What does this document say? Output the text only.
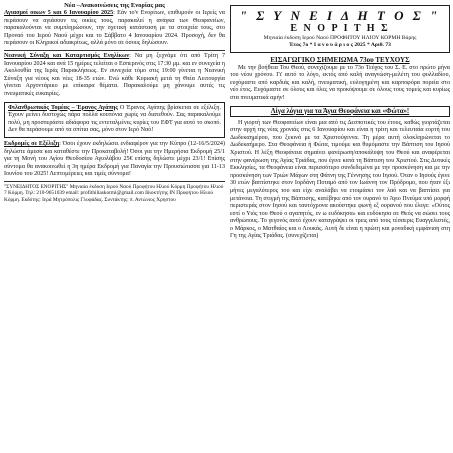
Νέα –Ανακοινώσεις της Ενορίας μας

Αγιασμοί οικων 5 και 6 Ιανουαρίου 2025: Εάν το'ν Ενορίτων, επιθυμούν οι Ιερείς να περάσουν να αγιάσουν τις οικίες τους, παρακαλεί η ανάγκα των Θεοφανείων, παρακαλούνται να συμπληρώσουν, την σχετική κατάσταση με τα στοιχεία τους, στο Προναό του Ιερού Ναού μέχρι και το Σάββατο 4 Ιανουαρίου 2024. Προσοχή, δεν θα περάσουν οι Κληρικοί αδιακρίτως, αλλά μόνο σε όσους δηλώσουν.

Νεανική Σύναξη και Καταρτισμός Ενηλίκων: Να μη ξεχνάμε ότι από Τρίτη 7 Ιανουαρίου 2024 και ανά 15 ημέρες τελείται ο Εσπερινός στις 17:30 μμ. και εν συνεχεία η Ακολουθία της Ιεράς Παρακλήσεως. Εν συνεχεία τόμο στις 19:00 γίνεται η Νεανική Σύναξη για νέους και νέες 18-35 ετών. Ενώ κάθε Κυριακή μετά τη Θεία Λειτουργία γίνεται Αρχοντάρικο με επίκαιρα θέματα. Παρακαλούμε μη χάνουμε αυτές τις πνευματικές ευκαιρίες.

Φιλανθρωπικός Τομέας – Έρανος Αγάπης Ο Έρανος Αγάπης βρίσκεται σε εξέλιξη. Έχουν μείνει δυστυχώς πάρα πολλά κουπόνια χωρίς να διατεθούν. Σας παρακαλούμε πολύ, μη προσπεράστε αδιάφορα τις εντεταλμένες κυρίες του ΕΦΤ για αυτό το σκοπό. Δεν θα περάσουμε από τα σπίτια σας, μόνο στον Ιερό Ναό!

Εκδρομές σε Εξέλιξη: Όσοι έχουν εκδηλώσει ενδιαφέρον για την Κύπρο (12-16/5/2024) δηλώστε άμεσα και καταθέστε την Προκαταβολή! Όσοι για την Ημερήσια Εκδρομή 25/1 για τη Μονή του Αγίου Θεοδοσίου Αγιολάβου 25€ επίσης δηλώστε μέχρι 23/1! Επίσης σύντομα θα ανακοινωθεί η 3η ημέρα Εκδρομή για Παναγία την Προυσιώτισσα για 11-13 Ιουνίου του 2025! Λεπτομέρειες και τιμές σύντομα!

"ΣΥΝΕΙΔΗΤΟΣ ΕΝΟΡΙΤΗΣ" Μηνιαία έκδοση Ιερού Ναού Προφήτου Ηλιού Κόρμη Προφήτου Ηλιού 7 Κόρμη. Τηλ: 210-9651039 email: profithiliaskormi@gmail.com Ιδιοκτήτης ΙΝ Προφήτου Ηλιού Κόρμη. Εκδότης: Ιερά Μητρόπολις Γλυφάδας. Συντάκτης: π. Αντώνιος Χρηστου

" Σ Υ Ν Ε Ι Δ Η Τ Ο Σ "

Ε Ν Ο Ρ Ι Τ Η Σ

Μηνιαία έκδοση Ιερού Ναού ΠΡΟΦΗΤΟΥ ΗΛΙΟΥ ΚΟΡΜΗ Βάρης

Έτος 7ο * Ι α ν ο υ ά ρ ι ο ς 2025 * Αριθ. 73

ΕΙΣΑΓΩΓΙΚΟ ΣΗΜΕΙΩΜΑ 73ου ΤΕΥΧΟΥΣ

Με την βοήθεια Του Θεού, συνεχίζουμε με το 73ο Τεύχος του Σ. Ε. στο πρώτο μήνα του νέου χρόνου. Γι' αυτό το λόγο, εκτός από καλή αναγνώση-μελέτη του φυλλαδίου, ευχόμαστε από καρδιάς και καλή, πνευματική, ευλογημένη και καρποφόρα πορεία στο νέο έτος. Ευχόμαστε σε όλους και όλες να προκόψουμε σε όλους τους τομείς και κυρίως στα πνευματικά αμήν!

Λίγα λόγια για τα Άγια Θεοφάνεια και «Φώτα»!

Η γιορτή των Θεοφανείων είναι μια από τις Δεσποτικές του έτους, καθώς γιορτάζεται στην αρχή της νέας χρονιάς στις 6 Ιανουαρίου και είναι η τρίτη και τελευταία εορτή του Δωδεκαημέρου, που ξεκινά με τα Χριστούγεννα. Τη μέρα αυτή ολοκληρώνεται το Δωδεκαήμερο. Στα Θεοφάνεια ή Φώτα, τιμούμε και θυμόμαστε την Βάπτιση του Ιησού Χριστού. Η λέξη Θεοφάνεια σημαίνει φανέρωση/αποκάλυψη του Θεού και αναφέρεται στην φανέρωση της Αγίας Τριάδας, που έγινε κατά τη Βάπτιση του Χριστού. Στις Δυτικές Εκκλησίες, τα Θεοφάνεια είναι περισσότερο συνδεδεμένα με την προσκύνηση και με την προσκύνηση των Τριών Μάγων στη Φάτνη της Γέννησης του Ιησού. Όταν ο Ιησούς έγινε 30 ετών βαπτίστηκε στον Ιορδάνη Ποταμό από τον Ιωάννη τον Πρόδρομο, που ήταν έξι μήνες μεγαλύτερος του και είχε αναλάβει να ετοιμάσει τον λαό και να βαπτίσει για μετάνοια. Τη στιγμή της Βάπτισης, κατέβηκε από τον ουρανό το Άγιο Πνεύμα υπό μορφή περιστεράς στον Ιησού και ταυτόχρονα ακούστηκε φωνή εξ ουρανού που έλεγε: «Ούτος εστί ο Υιός του Θεού ο αγαπητός, εν ω ευδόκησα» και ευδόκησα σε Θεός να σώσει τους ανθρώπους. Το γεγονός αυτό έχουν καταγράψει οι τρεις από τους τέσσερις Ευαγγελιστές, ο Μάρκος, ο Ματθαίος και ο Λουκάς. Αυτή δε είναι η πρώτη και μοναδική εμφάνιση στη Γη της Αγίας Τριάδας. (συνεχίζεται)
